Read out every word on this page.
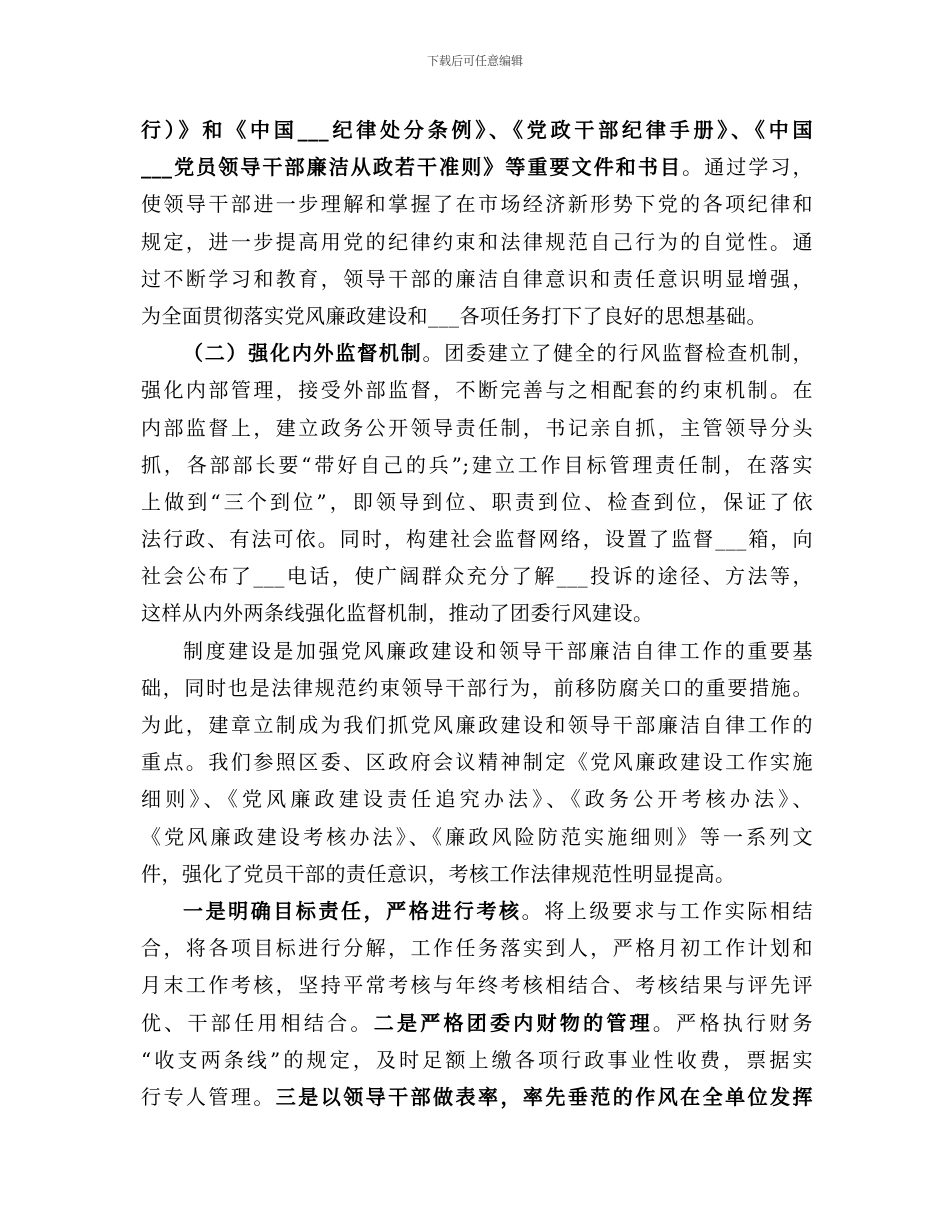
下载后可任意编辑
行）》和《中国___纪律处分条例》、《党政干部纪律手册》、《中国
___党员领导干部廉洁从政若干准则》等重要文件和书目。通过学习，
使领导干部进一步理解和掌握了在市场经济新形势下党的各项纪律和
规定，进一步提高用党的纪律约束和法律规范自己行为的自觉性。通
过不断学习和教育，领导干部的廉洁自律意识和责任意识明显增强，
为全面贯彻落实党风廉政建设和___各项任务打下了良好的思想基础。
（二）强化内外监督机制。团委建立了健全的行风监督检查机制，
强化内部管理，接受外部监督，不断完善与之相配套的约束机制。在
内部监督上，建立政务公开领导责任制，书记亲自抓，主管领导分头
抓，各部部长要“带好自己的兵”;建立工作目标管理责任制，在落实
上做到“三个到位”，即领导到位、职责到位、检查到位，保证了依
法行政、有法可依。同时，构建社会监督网络，设置了监督___箱，向
社会公布了___电话，使广阔群众充分了解___投诉的途径、方法等，
这样从内外两条线强化监督机制，推动了团委行风建设。
制度建设是加强党风廉政建设和领导干部廉洁自律工作的重要基
础，同时也是法律规范约束领导干部行为，前移防腐关口的重要措施。
为此，建章立制成为我们抓党风廉政建设和领导干部廉洁自律工作的
重点。我们参照区委、区政府会议精神制定《党风廉政建设工作实施
细则》、《党风廉政建设责任追究办法》、《政务公开考核办法》、
《党风廉政建设考核办法》、《廉政风险防范实施细则》等一系列文
件，强化了党员干部的责任意识，考核工作法律规范性明显提高。
一是明确目标责任，严格进行考核。将上级要求与工作实际相结
合，将各项目标进行分解，工作任务落实到人，严格月初工作计划和
月末工作考核，坚持平常考核与年终考核相结合、考核结果与评先评
优、干部任用相结合。二是严格团委内财物的管理。严格执行财务
“收支两条线”的规定，及时足额上缴各项行政事业性收费，票据实
行专人管理。三是以领导干部做表率，率先垂范的作风在全单位发挥
